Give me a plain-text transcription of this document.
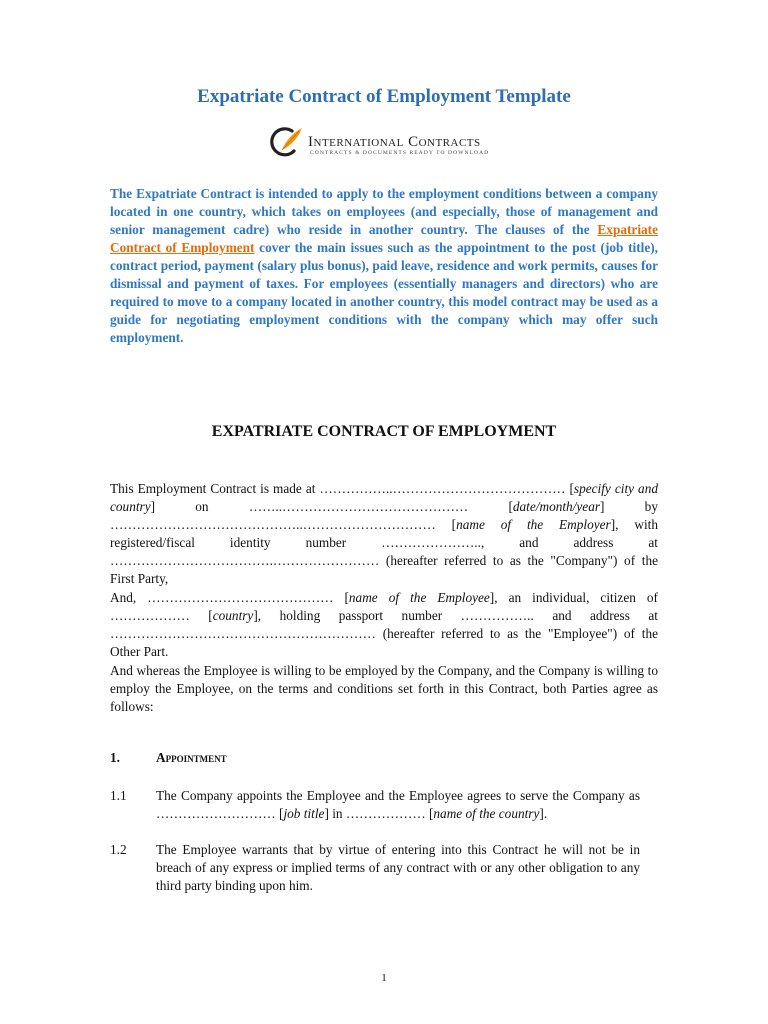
Expatriate Contract of Employment Template
International Contracts
CONTRACTS & DOCUMENTS READY TO DOWNLOAD
The Expatriate Contract is intended to apply to the employment conditions between a company located in one country, which takes on employees (and especially, those of management and senior management cadre) who reside in another country. The clauses of the Expatriate Contract of Employment cover the main issues such as the appointment to the post (job title), contract period, payment (salary plus bonus), paid leave, residence and work permits, causes for dismissal and payment of taxes. For employees (essentially managers and directors) who are required to move to a company located in another country, this model contract may be used as a guide for negotiating employment conditions with the company which may offer such employment.
EXPATRIATE CONTRACT OF EMPLOYMENT
This Employment Contract is made at ……………..………………………………… [specify city and country] on ……..…………………………………… [date/month/year] by ……………………………………..………………………… [name of the Employer], with registered/fiscal identity number ………………….., and address at ……………………………….…………………… (hereafter referred to as the "Company") of the First Party,
And, …………………………………… [name of the Employee], an individual, citizen of ……………… [country], holding passport number …………….. and address at …………………………………………………… (hereafter referred to as the "Employee") of the Other Part.
And whereas the Employee is willing to be employed by the Company, and the Company is willing to employ the Employee, on the terms and conditions set forth in this Contract, both Parties agree as follows:
1.	Appointment
1.1	The Company appoints the Employee and the Employee agrees to serve the Company as ……………………… [job title] in ……………… [name of the country].
1.2	The Employee warrants that by virtue of entering into this Contract he will not be in breach of any express or implied terms of any contract with or any other obligation to any third party binding upon him.
1
